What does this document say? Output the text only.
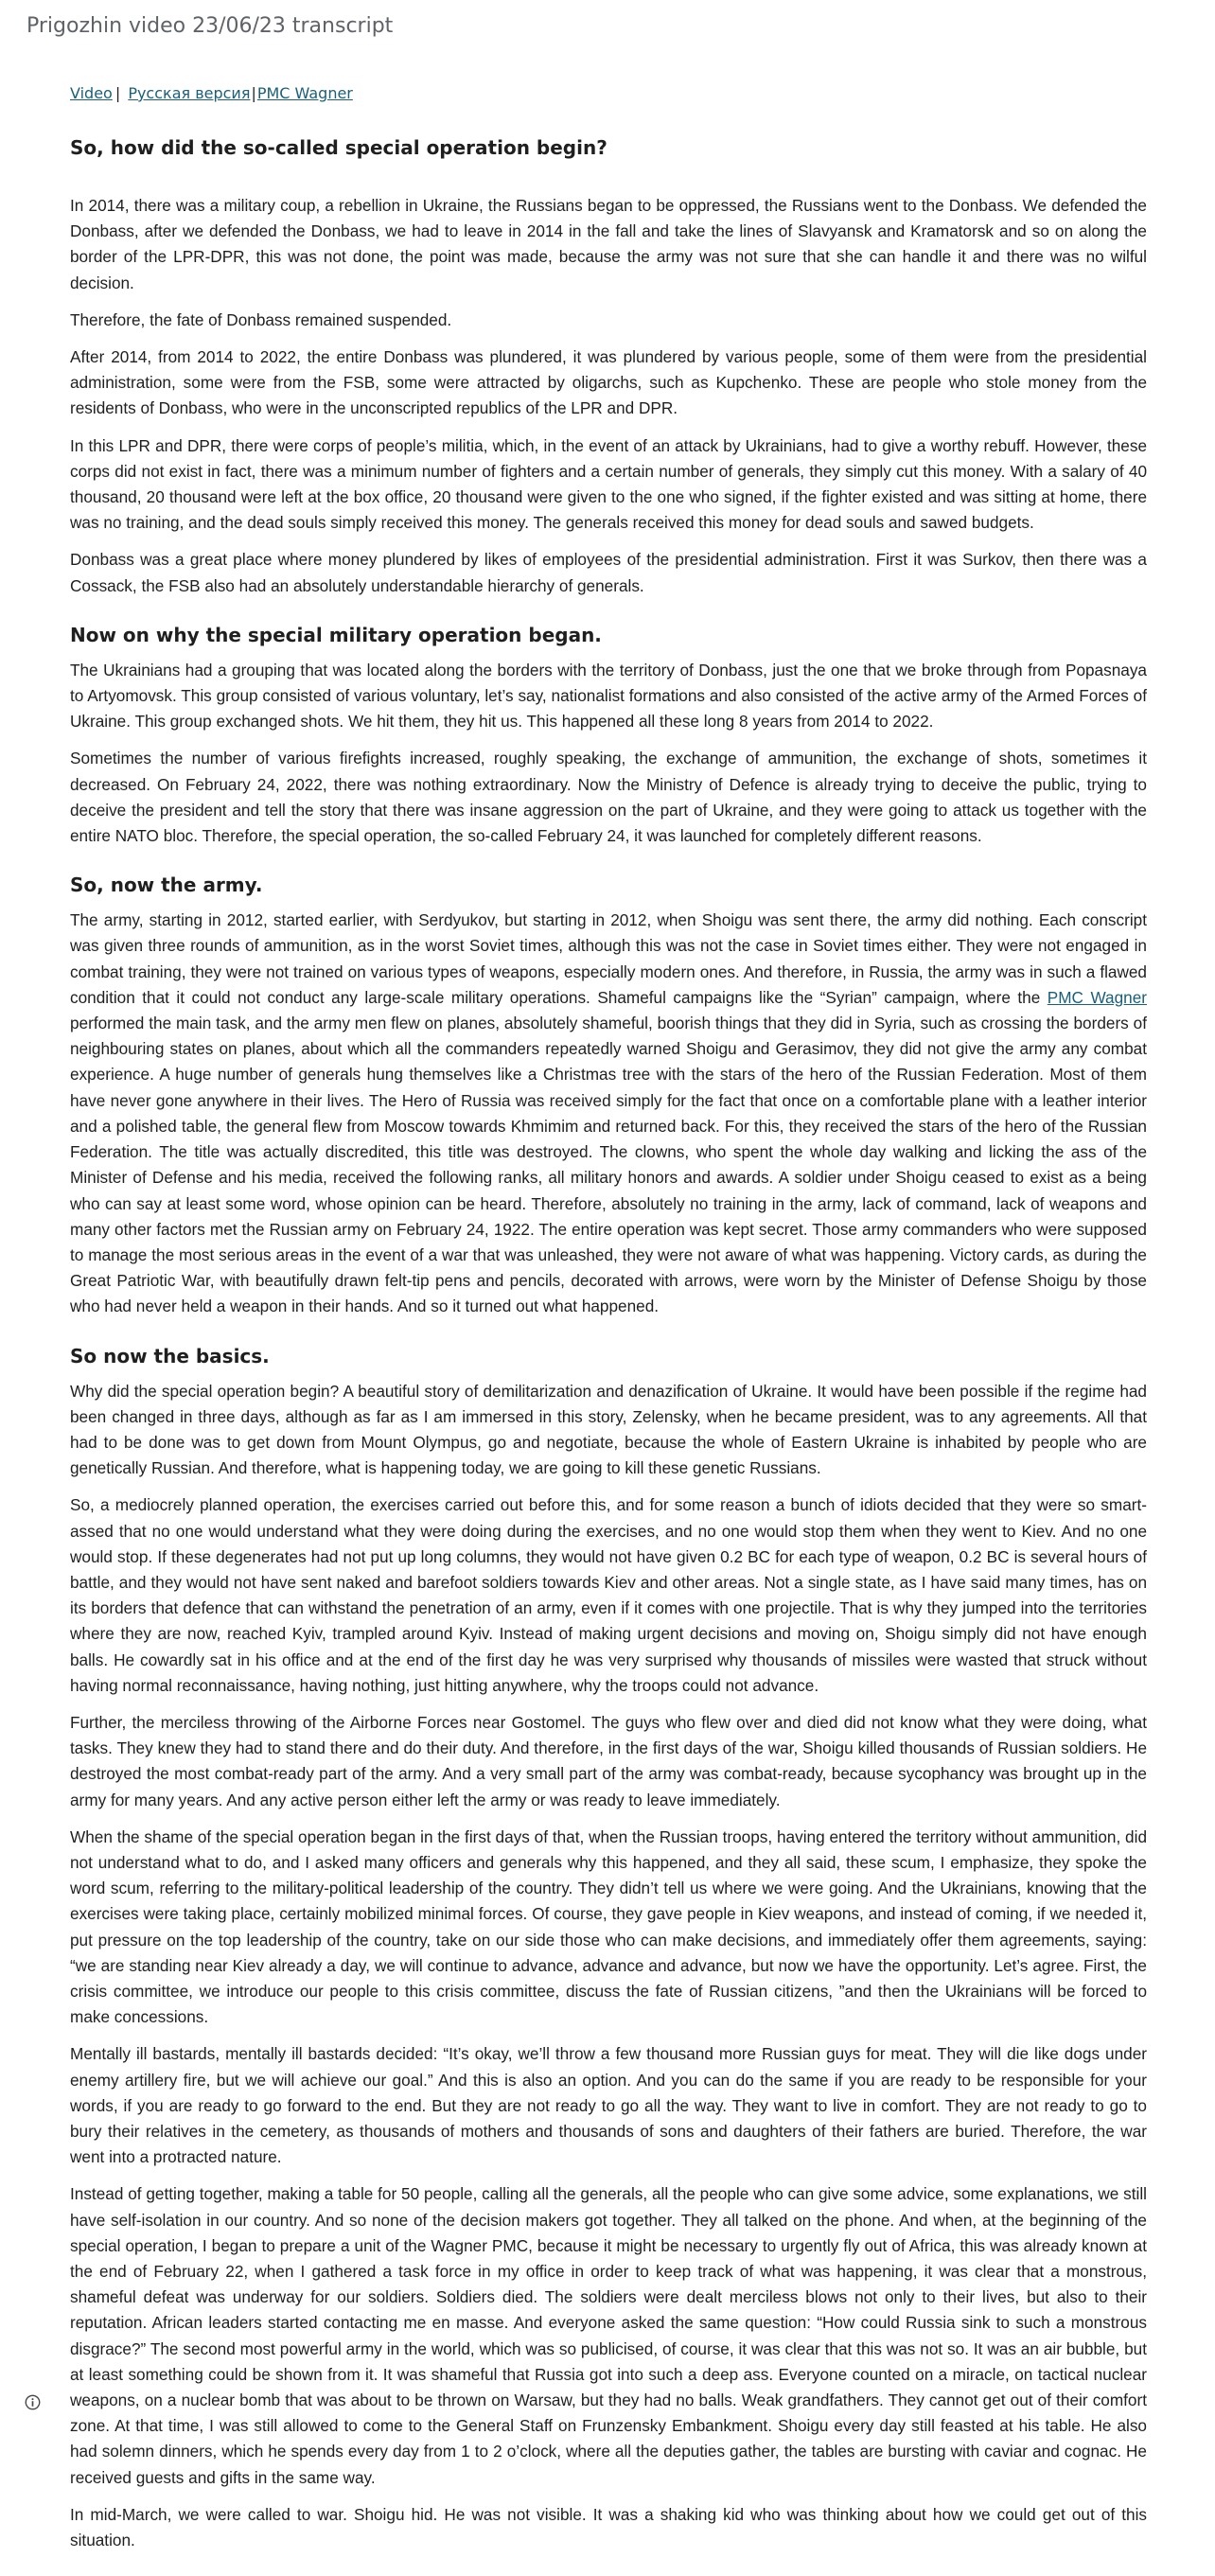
Prigozhin video 23/06/23 transcript
Video | Русская версия|PMC Wagner
So, how did the so-called special operation begin?

In 2014, there was a military coup, a rebellion in Ukraine, the Russians began to be oppressed, the Russians went to the Donbass. We defended the Donbass, after we defended the Donbass, we had to leave in 2014 in the fall and take the lines of Slavyansk and Kramatorsk and so on along the border of the LPR-DPR, this was not done, the point was made, because the army was not sure that she can handle it and there was no wilful decision.

Therefore, the fate of Donbass remained suspended.

After 2014, from 2014 to 2022, the entire Donbass was plundered, it was plundered by various people, some of them were from the presidential administration, some were from the FSB, some were attracted by oligarchs, such as Kupchenko. These are people who stole money from the residents of Donbass, who were in the unconscripted republics of the LPR and DPR.

In this LPR and DPR, there were corps of people’s militia, which, in the event of an attack by Ukrainians, had to give a worthy rebuff. However, these corps did not exist in fact, there was a minimum number of fighters and a certain number of generals, they simply cut this money. With a salary of 40 thousand, 20 thousand were left at the box office, 20 thousand were given to the one who signed, if the fighter existed and was sitting at home, there was no training, and the dead souls simply received this money. The generals received this money for dead souls and sawed budgets.

Donbass was a great place where money plundered by likes of employees of the presidential administration. First it was Surkov, then there was a Cossack, the FSB also had an absolutely understandable hierarchy of generals.

Now on why the special military operation began.

The Ukrainians had a grouping that was located along the borders with the territory of Donbass, just the one that we broke through from Popasnaya to Artyomovsk. This group consisted of various voluntary, let’s say, nationalist formations and also consisted of the active army of the Armed Forces of Ukraine. This group exchanged shots. We hit them, they hit us. This happened all these long 8 years from 2014 to 2022.

Sometimes the number of various firefights increased, roughly speaking, the exchange of ammunition, the exchange of shots, sometimes it decreased. On February 24, 2022, there was nothing extraordinary. Now the Ministry of Defence is already trying to deceive the public, trying to deceive the president and tell the story that there was insane aggression on the part of Ukraine, and they were going to attack us together with the entire NATO bloc. Therefore, the special operation, the so-called February 24, it was launched for completely different reasons.

So, now the army.

The army, starting in 2012, started earlier, with Serdyukov, but starting in 2012, when Shoigu was sent there, the army did nothing. Each conscript was given three rounds of ammunition, as in the worst Soviet times, although this was not the case in Soviet times either. They were not engaged in combat training, they were not trained on various types of weapons, especially modern ones. And therefore, in Russia, the army was in such a flawed condition that it could not conduct any large-scale military operations. Shameful campaigns like the “Syrian” campaign, where the PMC Wagner performed the main task, and the army men flew on planes, absolutely shameful, boorish things that they did in Syria, such as crossing the borders of neighbouring states on planes, about which all the commanders repeatedly warned Shoigu and Gerasimov, they did not give the army any combat experience. A huge number of generals hung themselves like a Christmas tree with the stars of the hero of the Russian Federation. Most of them have never gone anywhere in their lives. The Hero of Russia was received simply for the fact that once on a comfortable plane with a leather interior and a polished table, the general flew from Moscow towards Khmimim and returned back. For this, they received the stars of the hero of the Russian Federation. The title was actually discredited, this title was destroyed. The clowns, who spent the whole day walking and licking the ass of the Minister of Defense and his media, received the following ranks, all military honors and awards. A soldier under Shoigu ceased to exist as a being who can say at least some word, whose opinion can be heard. Therefore, absolutely no training in the army, lack of command, lack of weapons and many other factors met the Russian army on February 24, 1922. The entire operation was kept secret. Those army commanders who were supposed to manage the most serious areas in the event of a war that was unleashed, they were not aware of what was happening. Victory cards, as during the Great Patriotic War, with beautifully drawn felt-tip pens and pencils, decorated with arrows, were worn by the Minister of Defense Shoigu by those who had never held a weapon in their hands. And so it turned out what happened.

So now the basics.

Why did the special operation begin? A beautiful story of demilitarization and denazification of Ukraine. It would have been possible if the regime had been changed in three days, although as far as I am immersed in this story, Zelensky, when he became president, was to any agreements. All that had to be done was to get down from Mount Olympus, go and negotiate, because the whole of Eastern Ukraine is inhabited by people who are genetically Russian. And therefore, what is happening today, we are going to kill these genetic Russians.

So, a mediocrely planned operation, the exercises carried out before this, and for some reason a bunch of idiots decided that they were so smart-assed that no one would understand what they were doing during the exercises, and no one would stop them when they went to Kiev. And no one would stop. If these degenerates had not put up long columns, they would not have given 0.2 BC for each type of weapon, 0.2 BC is several hours of battle, and they would not have sent naked and barefoot soldiers towards Kiev and other areas. Not a single state, as I have said many times, has on its borders that defence that can withstand the penetration of an army, even if it comes with one projectile. That is why they jumped into the territories where they are now, reached Kyiv, trampled around Kyiv. Instead of making urgent decisions and moving on, Shoigu simply did not have enough balls. He cowardly sat in his office and at the end of the first day he was very surprised why thousands of missiles were wasted that struck without having normal reconnaissance, having nothing, just hitting anywhere, why the troops could not advance.

Further, the merciless throwing of the Airborne Forces near Gostomel. The guys who flew over and died did not know what they were doing, what tasks. They knew they had to stand there and do their duty. And therefore, in the first days of the war, Shoigu killed thousands of Russian soldiers. He destroyed the most combat-ready part of the army. And a very small part of the army was combat-ready, because sycophancy was brought up in the army for many years. And any active person either left the army or was ready to leave immediately.

When the shame of the special operation began in the first days of that, when the Russian troops, having entered the territory without ammunition, did not understand what to do, and I asked many officers and generals why this happened, and they all said, these scum, I emphasize, they spoke the word scum, referring to the military-political leadership of the country. They didn’t tell us where we were going. And the Ukrainians, knowing that the exercises were taking place, certainly mobilized minimal forces. Of course, they gave people in Kiev weapons, and instead of coming, if we needed it, put pressure on the top leadership of the country, take on our side those who can make decisions, and immediately offer them agreements, saying: “we are standing near Kiev already a day, we will continue to advance, advance and advance, but now we have the opportunity. Let’s agree. First, the crisis committee, we introduce our people to this crisis committee, discuss the fate of Russian citizens, ”and then the Ukrainians will be forced to make concessions.

Mentally ill bastards, mentally ill bastards decided: “It’s okay, we’ll throw a few thousand more Russian guys for meat. They will die like dogs under enemy artillery fire, but we will achieve our goal.” And this is also an option. And you can do the same if you are ready to be responsible for your words, if you are ready to go forward to the end. But they are not ready to go all the way. They want to live in comfort. They are not ready to go to bury their relatives in the cemetery, as thousands of mothers and thousands of sons and daughters of their fathers are buried. Therefore, the war went into a protracted nature.

Instead of getting together, making a table for 50 people, calling all the generals, all the people who can give some advice, some explanations, we still have self-isolation in our country. And so none of the decision makers got together. They all talked on the phone. And when, at the beginning of the special operation, I began to prepare a unit of the Wagner PMC, because it might be necessary to urgently fly out of Africa, this was already known at the end of February 22, when I gathered a task force in my office in order to keep track of what was happening, it was clear that a monstrous, shameful defeat was underway for our soldiers. Soldiers died. The soldiers were dealt merciless blows not only to their lives, but also to their reputation. African leaders started contacting me en masse. And everyone asked the same question: “How could Russia sink to such a monstrous disgrace?” The second most powerful army in the world, which was so publicised, of course, it was clear that this was not so. It was an air bubble, but at least something could be shown from it. It was shameful that Russia got into such a deep ass. Everyone counted on a miracle, on tactical nuclear weapons, on a nuclear bomb that was about to be thrown on Warsaw, but they had no balls. Weak grandfathers. They cannot get out of their comfort zone. At that time, I was still allowed to come to the General Staff on Frunzensky Embankment. Shoigu every day still feasted at his table. He also had solemn dinners, which he spends every day from 1 to 2 o’clock, where all the deputies gather, the tables are bursting with caviar and cognac. He received guests and gifts in the same way.

In mid-March, we were called to war. Shoigu hid. He was not visible. It was a shaking kid who was thinking about how we could get out of this situation.
